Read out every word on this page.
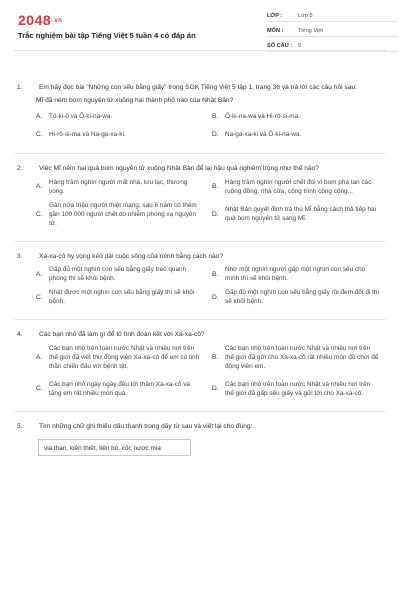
2048.vn
Trắc nghiệm bài tập Tiếng Việt 5 tuần 4 có đáp án
LỚP :	Lớp 5
MÔN :	Tiếng Việt
SỐ CÂU :	9
1.	Em hãy đọc bài "Những con sếu bằng giấy" trong SGK Tiếng Việt 5 tập 1, trang 36 và trả lời các câu hỏi sau:
Mĩ đã ném bom nguyên tử xuống hai thành phố nào của Nhật Bản?
A.	Tô-ki-ô và Ô-ki-na-wa.	B.	Ô-ki-na-wa và Hi-rô-si-ma.
C.	Hi-rô-si-ma và Na-ga-xa-ki.	D.	Na-ga-xa-ki và Ô-ki-na-wa.
2.	Việc Mĩ ném hai quả bom nguyên tử xuống Nhật Bản để lại hậu quả nghiêm trọng như thế nào?
A.
Hàng trăm nghìn người mất nhà, lưu lạc, thương vong.
B.
Hàng trăm nghìn người chết đói vì bom phá tan các ruộng đồng, nhà cửa, công trình công cộng,..
C.
Gần nửa triệu người thiệt mạng, sau 6 năm có thêm gần 100 000 người chết do nhiễm phóng xạ nguyên tử.
D.
Nhật Bản quyết định trả thù Mĩ bằng cách thả tiếp hai quả bom nguyên tử sang Mĩ.
3.	Xa-xa-cô hy vọng kéo dài cuộc sống của mình bằng cách nào?
A.
Gấp đủ một nghìn con sếu bằng giấy treo quanh phòng thì sẽ khỏi bệnh.
B.
Nhờ một nghìn người gấp một nghìn con sếu cho mình thì sẽ khỏi bệnh.
C.
Nhật được một nghìn con sếu bằng giấy thì sẽ khỏi bệnh.
D.
Gấp đủ một nghìn con sếu bằng giấy rồi đem đốt đi thì sẽ khỏi bệnh.
4.	Các bạn nhỏ đã làm gì để tỏ tình đoàn kết với Xa-xa-cô?
A.
Các bạn nhỏ trên toàn nước Nhật và nhiều nơi trên thế giới đã viết thư động viên Xa-xa-cô để em có tinh thần chiến đấu với bệnh tật.
B.
Các bạn nhỏ trên toàn nước Nhật và nhiều nơi trên thế giới đã gửi cho Xa-xa-cô rất nhiều món đồ chơi để động viên em.
C.
Các bạn nhỏ ngày ngày đều tới thăm Xa-xa-cô và tặng em rất nhiều món quà.
D.
Các bạn nhỏ trên toàn nước Nhật và nhiều nơi trên thế giới đã gấp sếu giấy và gửi tới cho Xa-xa-cô.
5.	Tìm những chữ ghi thiếu dấu thanh trong dãy từ sau và viết lại cho đúng:
via than, kiên thiêt, tiên bô, côc nươc mia
